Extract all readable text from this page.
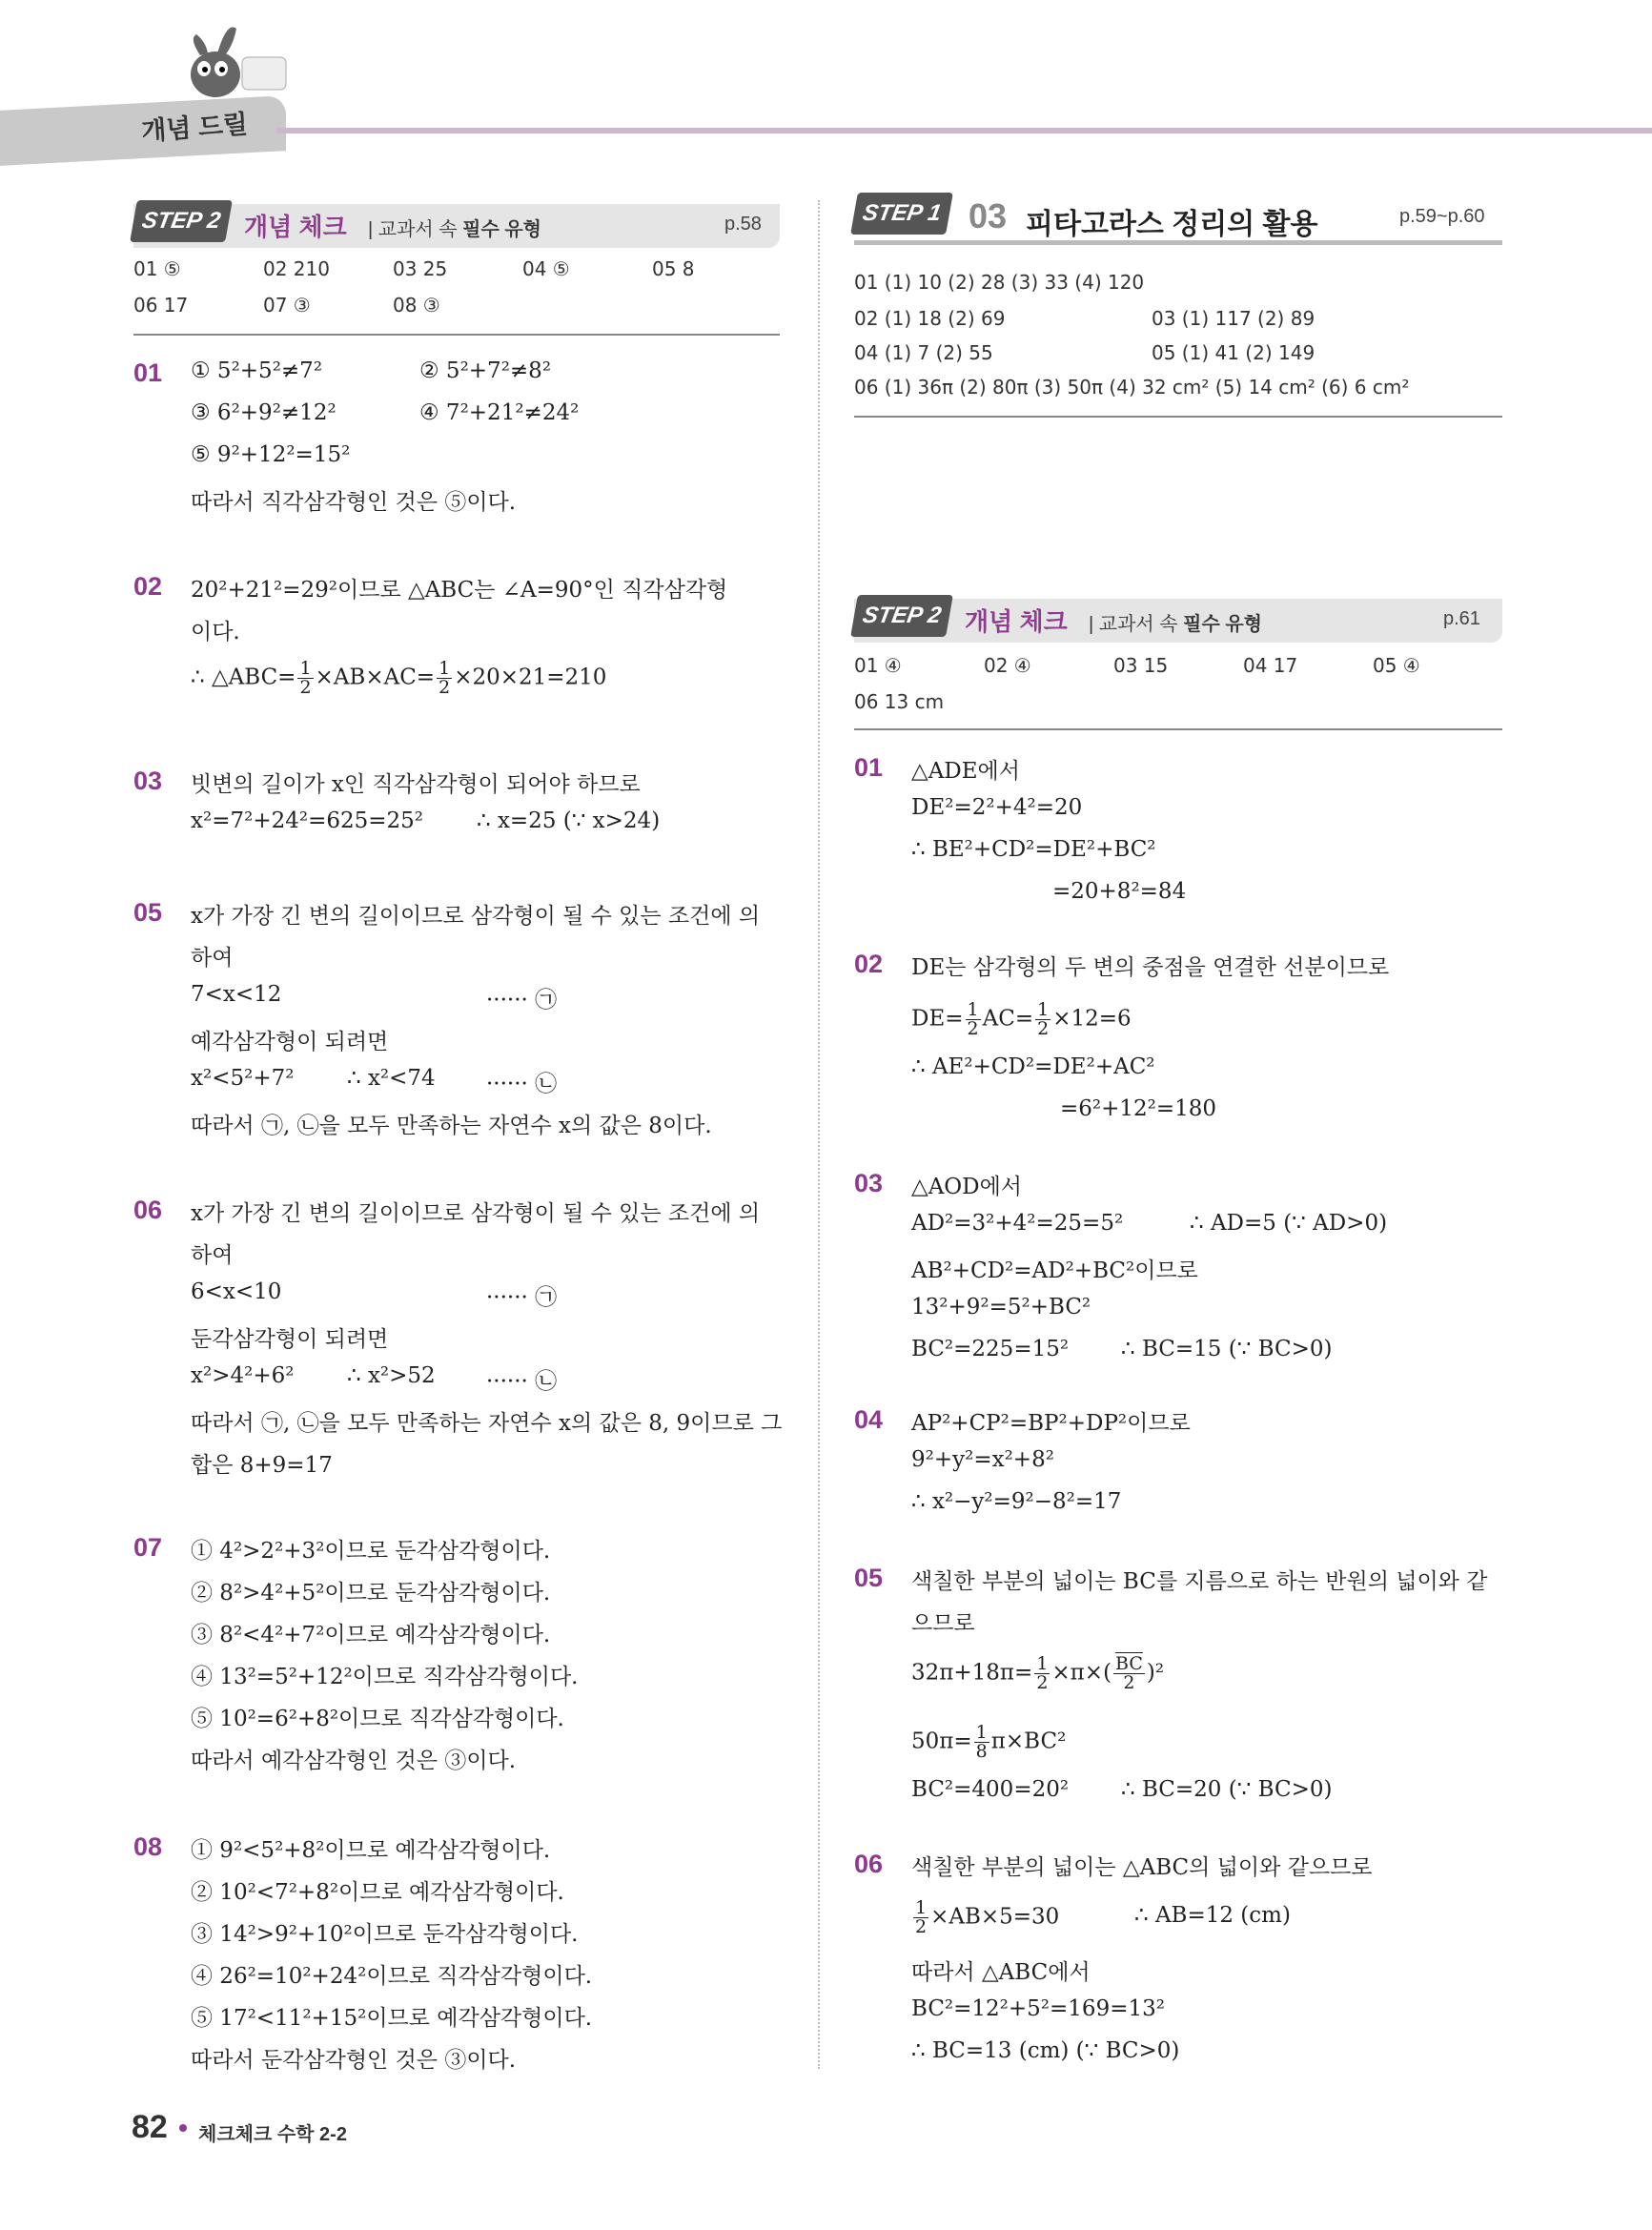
개념 드릴
STEP 2 개념 체크 | 교과서 속 필수 유형	p.58
01 ⑤	02 210	03 25	04 ⑤	05 8
06 17	07 ③	08 ③
STEP 1 03 피타고라스 정리의 활용	p.59~p.60
01 (1) 10 (2) 28 (3) 33 (4) 120
02 (1) 18 (2) 69	03 (1) 117 (2) 89
04 (1) 7 (2) 55	05 (1) 41 (2) 149
06 (1) 36π (2) 80π (3) 50π (4) 32 cm² (5) 14 cm² (6) 6 cm²
STEP 2 개념 체크 | 교과서 속 필수 유형	p.61
01 ④	02 ④	03 15	04 17	05 ④
06 13 cm
01 ① 5²+5²≠7²	② 5²+7²≠8²
③ 6²+9²≠12²	④ 7²+21²≠24²
⑤ 9²+12²=15²
따라서 직각삼각형인 것은 ⑤이다.
02 20²+21²=29²이므로 △ABC는 ∠A=90°인 직각삼각형
이다.
∴ △ABC= $\frac{1}{2} \times AB\times AC= \frac{1}{2} \times 20\times 21=210$
03 빗변의 길이가 x인 직각삼각형이 되어야 하므로
x²=7²+24²=625=25² ∴ x=25 (∵ x>24)
05 x가 가장 긴 변의 길이이므로 삼각형이 될 수 있는 조건에 의
하여
7<x<12	······ ㉠
예각삼각형이 되려면
x²<5²+7² ∴ x²<74 ······ ㉡
따라서 ㉠, ㉡을 모두 만족하는 자연수 x의 값은 8이다.
06 x가 가장 긴 변의 길이이므로 삼각형이 될 수 있는 조건에 의
하여
6<x<10	······ ㉠
둔각삼각형이 되려면
x²>4²+6² ∴ x²>52 ······ ㉡
따라서 ㉠, ㉡을 모두 만족하는 자연수 x의 값은 8, 9이므로 그
합은 8+9=17
07 ① 4²>2²+3²이므로 둔각삼각형이다.
② 8²>4²+5²이므로 둔각삼각형이다.
③ 8²<4²+7²이므로 예각삼각형이다.
④ 13²=5²+12²이므로 직각삼각형이다.
⑤ 10²=6²+8²이므로 직각삼각형이다.
따라서 예각삼각형인 것은 ③이다.
08 ① 9²<5²+8²이므로 예각삼각형이다.
② 10²<7²+8²이므로 예각삼각형이다.
③ 14²>9²+10²이므로 둔각삼각형이다.
④ 26²=10²+24²이므로 직각삼각형이다.
⑤ 17²<11²+15²이므로 예각삼각형이다.
따라서 둔각삼각형인 것은 ③이다.
01 △ADE에서
DE²=2²+4²=20
∴ BE²+CD²=DE²+BC²
=20+8²=84
02 DE는 삼각형의 두 변의 중점을 연결한 선분이므로
$DE= \frac{1}{2} AC= \frac{1}{2} \times 12=6$
∴ AE²+CD²=DE²+AC²
=6²+12²=180
03 △AOD에서
AD²=3²+4²=25=5²	∴ AD=5 (∵ AD>0)
AB²+CD²=AD²+BC²이므로
13²+9²=5²+BC²
BC²=225=15² ∴ BC=15 (∵ BC>0)
04 AP²+CP²=BP²+DP²이므로
9²+y²=x²+8²
∴ x²−y²=9²−8²=17
05 색칠한 부분의 넓이는 BC를 지름으로 하는 반원의 넓이와 같
으므로
$32\pi+18\pi= \frac{1}{2} \times\pi\times( \frac{\overline{BC}}{2} )^2$
$50\pi= \frac{1}{8} \pi\times BC^2$
BC²=400=20² ∴ BC=20 (∵ BC>0)
06 색칠한 부분의 넓이는 △ABC의 넓이와 같으므로
$\frac{1}{2} \times AB\times 5=30$	∴ AB=12 (cm)
따라서 △ABC에서
BC²=12²+5²=169=13²
∴ BC=13 (cm) (∵ BC>0)
82 체크체크 수학 2-2
